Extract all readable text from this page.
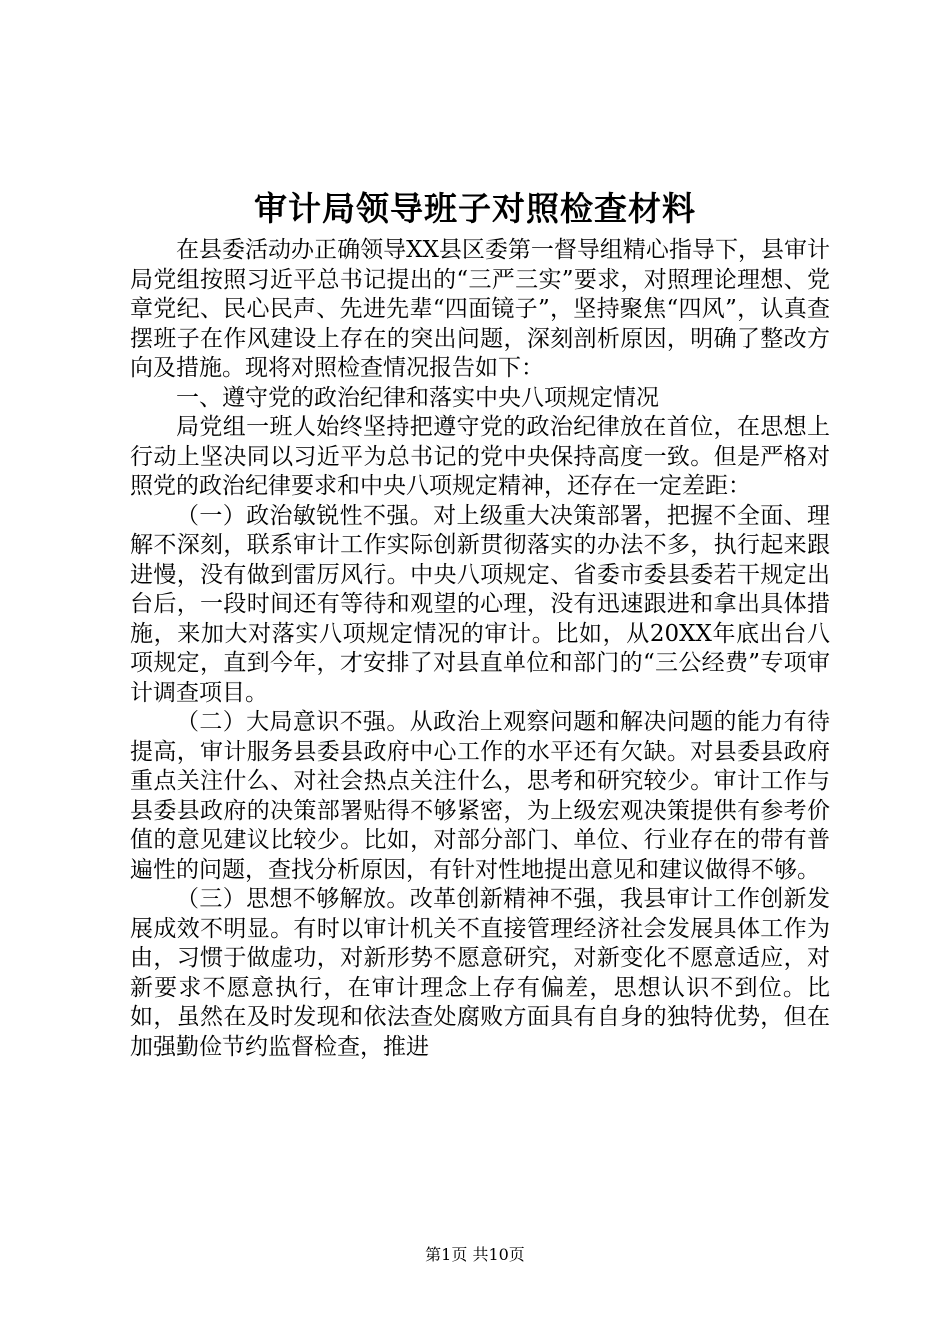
审计局领导班子对照检查材料

在县委活动办正确领导XX县区委第一督导组精心指导下，县审计局党组按照习近平总书记提出的“三严三实”要求，对照理论理想、党章党纪、民心民声、先进先辈“四面镜子”，坚持聚焦“四风”，认真查摆班子在作风建设上存在的突出问题，深刻剖析原因，明确了整改方向及措施。现将对照检查情况报告如下：

一、遵守党的政治纪律和落实中央八项规定情况

局党组一班人始终坚持把遵守党的政治纪律放在首位，在思想上行动上坚决同以习近平为总书记的党中央保持高度一致。但是严格对照党的政治纪律要求和中央八项规定精神，还存在一定差距：

（一）政治敏锐性不强。对上级重大决策部署，把握不全面、理解不深刻，联系审计工作实际创新贯彻落实的办法不多，执行起来跟进慢，没有做到雷厉风行。中央八项规定、省委市委县委若干规定出台后，一段时间还有等待和观望的心理，没有迅速跟进和拿出具体措施，来加大对落实八项规定情况的审计。比如，从20XX年底出台八项规定，直到今年，才安排了对县直单位和部门的“三公经费”专项审计调查项目。

（二）大局意识不强。从政治上观察问题和解决问题的能力有待提高，审计服务县委县政府中心工作的水平还有欠缺。对县委县政府重点关注什么、对社会热点关注什么，思考和研究较少。审计工作与县委县政府的决策部署贴得不够紧密，为上级宏观决策提供有参考价值的意见建议比较少。比如，对部分部门、单位、行业存在的带有普遍性的问题，查找分析原因，有针对性地提出意见和建议做得不够。

（三）思想不够解放。改革创新精神不强，我县审计工作创新发展成效不明显。有时以审计机关不直接管理经济社会发展具体工作为由，习惯于做虚功，对新形势不愿意研究，对新变化不愿意适应，对新要求不愿意执行，在审计理念上存有偏差，思想认识不到位。比如，虽然在及时发现和依法查处腐败方面具有自身的独特优势，但在加强勤俭节约监督检查，推进

第1页 共10页
